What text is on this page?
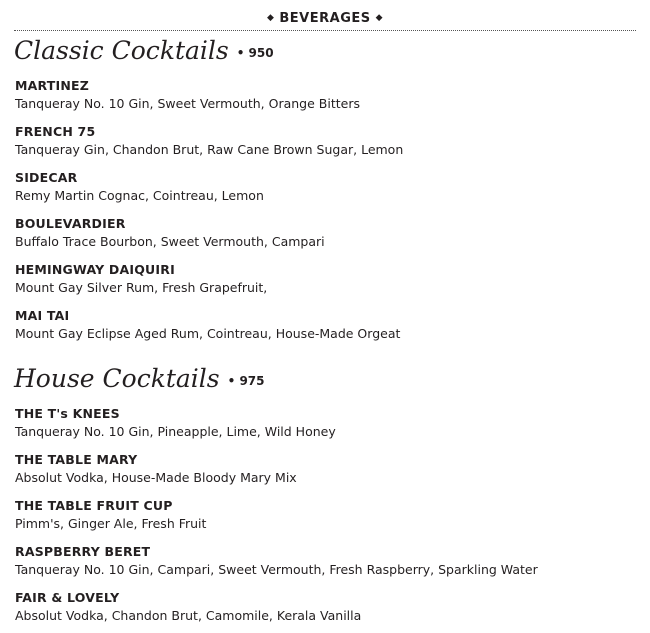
◆ BEVERAGES ◆
Classic Cocktails • 950
MARTINEZ
Tanqueray No. 10 Gin, Sweet Vermouth, Orange Bitters
FRENCH 75
Tanqueray Gin, Chandon Brut, Raw Cane Brown Sugar, Lemon
SIDECAR
Remy Martin Cognac, Cointreau, Lemon
BOULEVARDIER
Buffalo Trace Bourbon, Sweet Vermouth, Campari
HEMINGWAY DAIQUIRI
Mount Gay Silver Rum, Fresh Grapefruit,
MAI TAI
Mount Gay Eclipse Aged Rum, Cointreau, House-Made Orgeat
House Cocktails • 975
THE T's KNEES
Tanqueray No. 10 Gin, Pineapple, Lime, Wild Honey
THE TABLE MARY
Absolut Vodka, House-Made Bloody Mary Mix
THE TABLE FRUIT CUP
Pimm's, Ginger Ale, Fresh Fruit
RASPBERRY BERET
Tanqueray No. 10 Gin, Campari, Sweet Vermouth, Fresh Raspberry, Sparkling Water
FAIR & LOVELY
Absolut Vodka, Chandon Brut, Camomile, Kerala Vanilla
